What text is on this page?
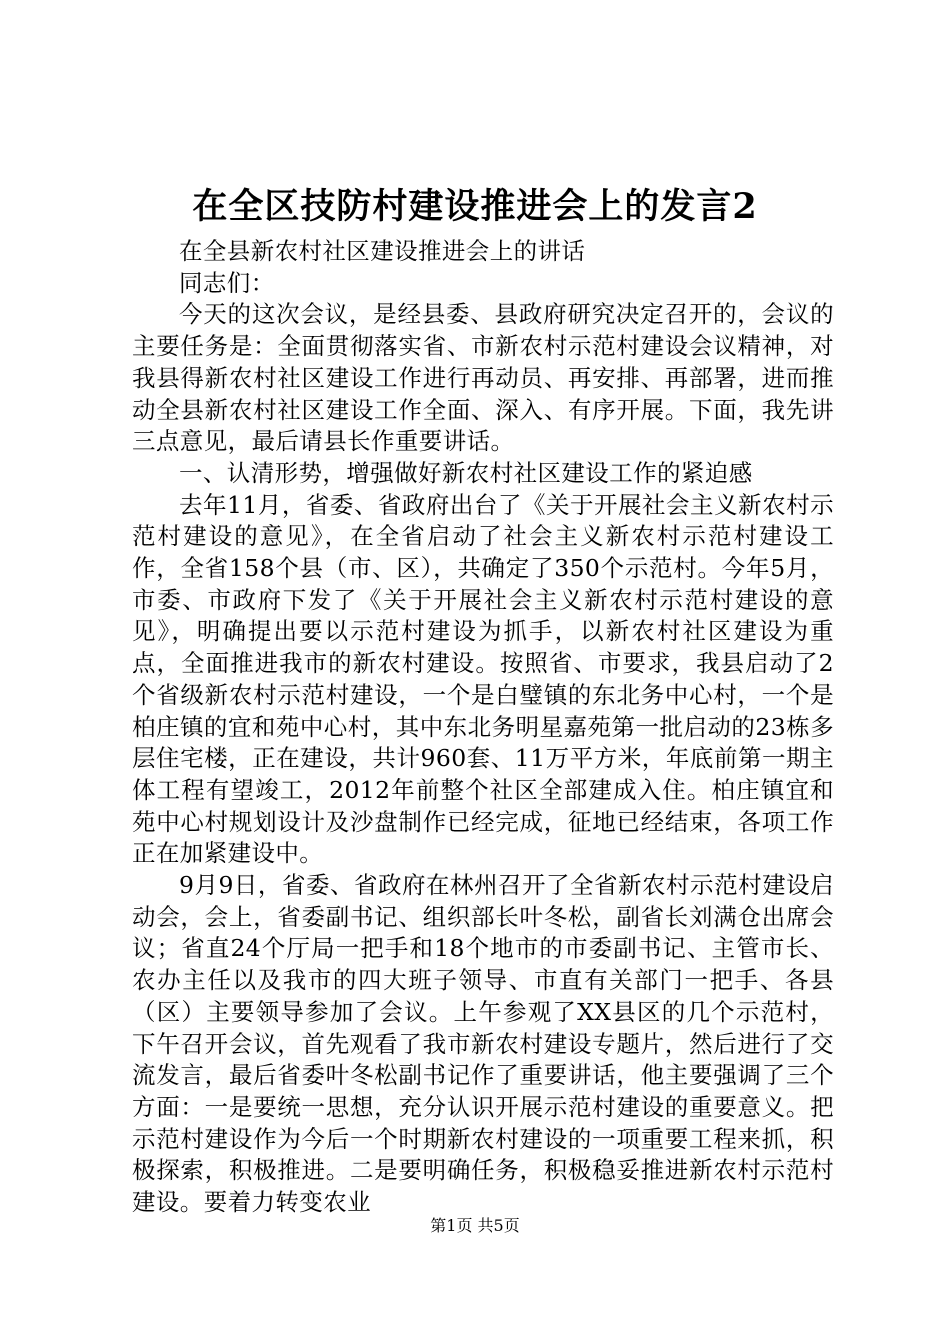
在全区技防村建设推进会上的发言2

在全县新农村社区建设推进会上的讲话

同志们：

今天的这次会议，是经县委、县政府研究决定召开的，会议的主要任务是：全面贯彻落实省、市新农村示范村建设会议精神，对我县得新农村社区建设工作进行再动员、再安排、再部署，进而推动全县新农村社区建设工作全面、深入、有序开展。下面，我先讲三点意见，最后请县长作重要讲话。

一、认清形势，增强做好新农村社区建设工作的紧迫感

去年11月，省委、省政府出台了《关于开展社会主义新农村示范村建设的意见》，在全省启动了社会主义新农村示范村建设工作，全省158个县（市、区），共确定了350个示范村。今年5月，市委、市政府下发了《关于开展社会主义新农村示范村建设的意见》，明确提出要以示范村建设为抓手，以新农村社区建设为重点，全面推进我市的新农村建设。按照省、市要求，我县启动了2个省级新农村示范村建设，一个是白璧镇的东北务中心村，一个是柏庄镇的宜和苑中心村，其中东北务明星嘉苑第一批启动的23栋多层住宅楼，正在建设，共计960套、11万平方米，年底前第一期主体工程有望竣工，2012年前整个社区全部建成入住。柏庄镇宜和苑中心村规划设计及沙盘制作已经完成，征地已经结束，各项工作正在加紧建设中。

9月9日，省委、省政府在林州召开了全省新农村示范村建设启动会，会上，省委副书记、组织部长叶冬松，副省长刘满仓出席会议；省直24个厅局一把手和18个地市的市委副书记、主管市长、农办主任以及我市的四大班子领导、市直有关部门一把手、各县（区）主要领导参加了会议。上午参观了XX县区的几个示范村，下午召开会议，首先观看了我市新农村建设专题片，然后进行了交流发言，最后省委叶冬松副书记作了重要讲话，他主要强调了三个方面：一是要统一思想，充分认识开展示范村建设的重要意义。把示范村建设作为今后一个时期新农村建设的一项重要工程来抓，积极探索，积极推进。二是要明确任务，积极稳妥推进新农村示范村建设。要着力转变农业

第1页 共5页
